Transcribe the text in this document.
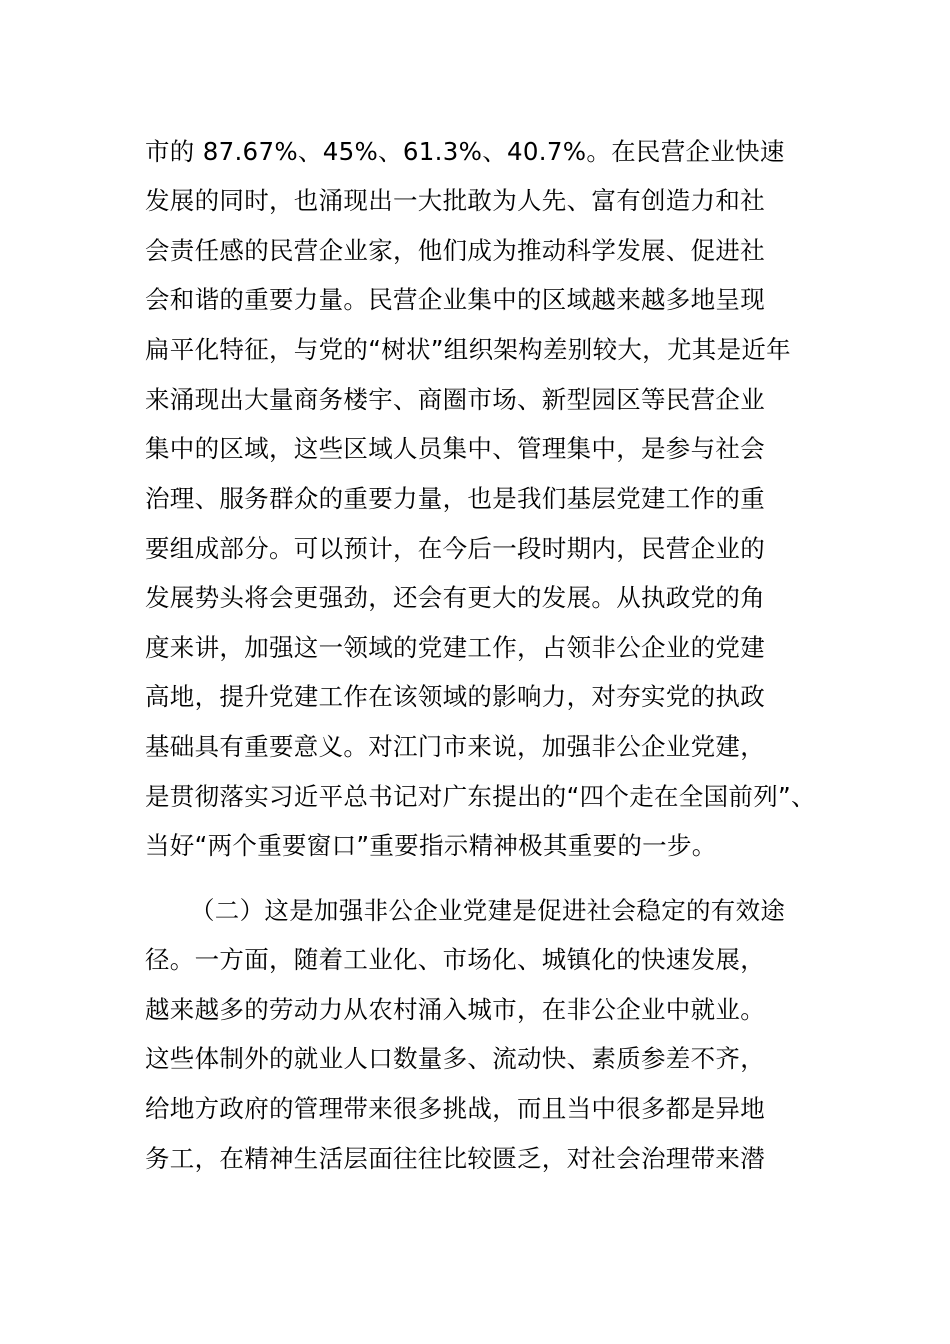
市的 87.67%、45%、61.3%、40.7%。在民营企业快速
发展的同时，也涌现出一大批敢为人先、富有创造力和社
会责任感的民营企业家，他们成为推动科学发展、促进社
会和谐的重要力量。民营企业集中的区域越来越多地呈现
扁平化特征，与党的“树状”组织架构差别较大，尤其是近年
来涌现出大量商务楼宇、商圈市场、新型园区等民营企业
集中的区域，这些区域人员集中、管理集中，是参与社会
治理、服务群众的重要力量，也是我们基层党建工作的重
要组成部分。可以预计，在今后一段时期内，民营企业的
发展势头将会更强劲，还会有更大的发展。从执政党的角
度来讲，加强这一领域的党建工作，占领非公企业的党建
高地，提升党建工作在该领域的影响力，对夯实党的执政
基础具有重要意义。对江门市来说，加强非公企业党建，
是贯彻落实习近平总书记对广东提出的“四个走在全国前列”、
当好“两个重要窗口”重要指示精神极其重要的一步。
（二）这是加强非公企业党建是促进社会稳定的有效途
径。一方面，随着工业化、市场化、城镇化的快速发展，
越来越多的劳动力从农村涌入城市，在非公企业中就业。
这些体制外的就业人口数量多、流动快、素质参差不齐，
给地方政府的管理带来很多挑战，而且当中很多都是异地
务工，在精神生活层面往往比较匮乏，对社会治理带来潜
